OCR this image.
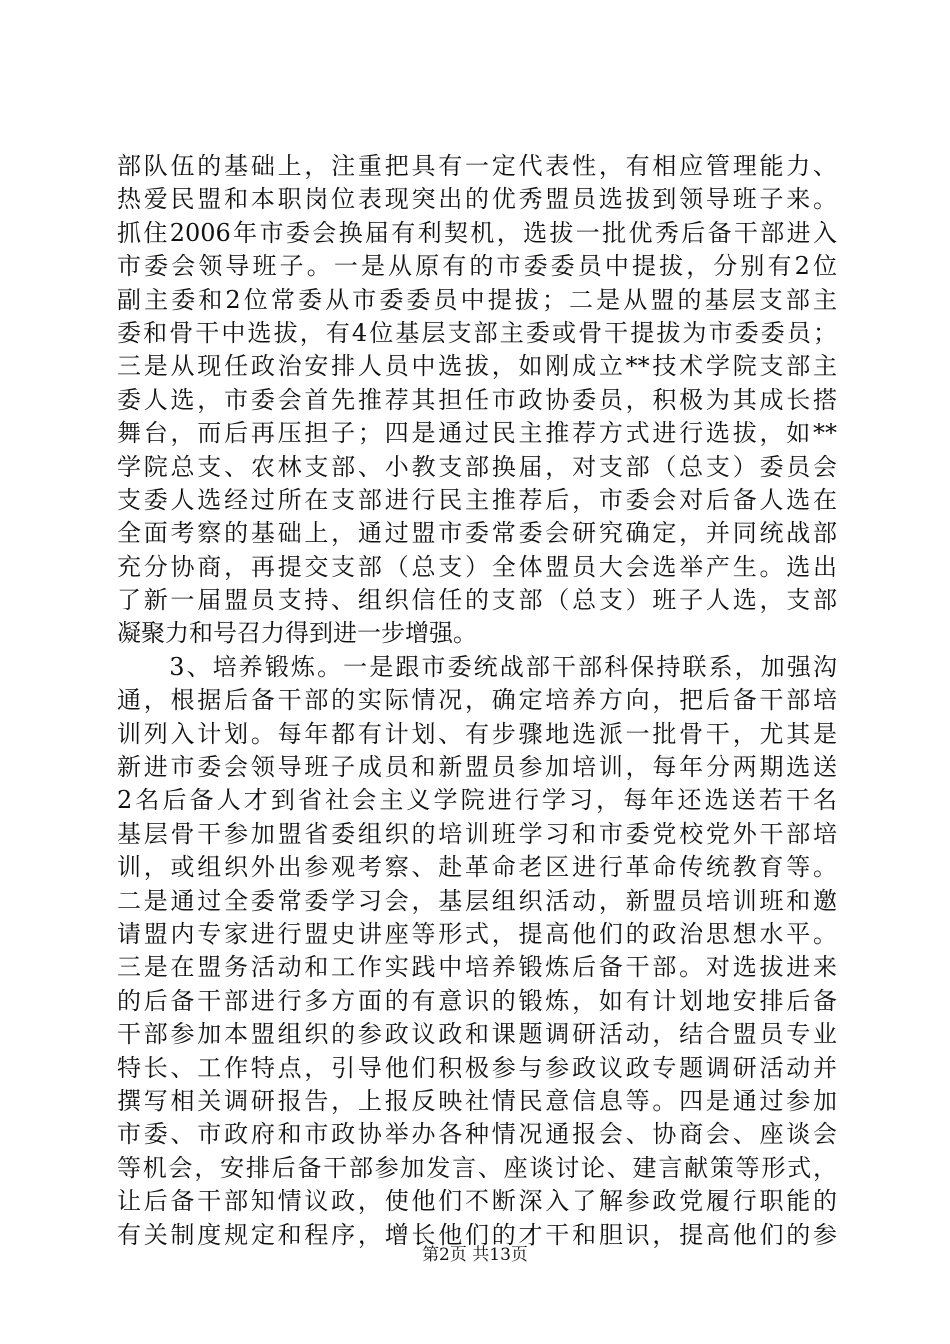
部队伍的基础上，注重把具有一定代表性，有相应管理能力、
热爱民盟和本职岗位表现突出的优秀盟员选拔到领导班子来。
抓住2006年市委会换届有利契机，选拔一批优秀后备干部进入
市委会领导班子。一是从原有的市委委员中提拔，分别有2位
副主委和2位常委从市委委员中提拔；二是从盟的基层支部主
委和骨干中选拔，有4位基层支部主委或骨干提拔为市委委员；
三是从现任政治安排人员中选拔，如刚成立**技术学院支部主
委人选，市委会首先推荐其担任市政协委员，积极为其成长搭
舞台，而后再压担子；四是通过民主推荐方式进行选拔，如**
学院总支、农林支部、小教支部换届，对支部（总支）委员会
支委人选经过所在支部进行民主推荐后，市委会对后备人选在
全面考察的基础上，通过盟市委常委会研究确定，并同统战部
充分协商，再提交支部（总支）全体盟员大会选举产生。选出
了新一届盟员支持、组织信任的支部（总支）班子人选，支部
凝聚力和号召力得到进一步增强。
　　3、培养锻炼。一是跟市委统战部干部科保持联系，加强沟
通，根据后备干部的实际情况，确定培养方向，把后备干部培
训列入计划。每年都有计划、有步骤地选派一批骨干，尤其是
新进市委会领导班子成员和新盟员参加培训，每年分两期选送
2名后备人才到省社会主义学院进行学习，每年还选送若干名
基层骨干参加盟省委组织的培训班学习和市委党校党外干部培
训，或组织外出参观考察、赴革命老区进行革命传统教育等。
二是通过全委常委学习会，基层组织活动，新盟员培训班和邀
请盟内专家进行盟史讲座等形式，提高他们的政治思想水平。
三是在盟务活动和工作实践中培养锻炼后备干部。对选拔进来
的后备干部进行多方面的有意识的锻炼，如有计划地安排后备
干部参加本盟组织的参政议政和课题调研活动，结合盟员专业
特长、工作特点，引导他们积极参与参政议政专题调研活动并
撰写相关调研报告，上报反映社情民意信息等。四是通过参加
市委、市政府和市政协举办各种情况通报会、协商会、座谈会
等机会，安排后备干部参加发言、座谈讨论、建言献策等形式，
让后备干部知情议政，使他们不断深入了解参政党履行职能的
有关制度规定和程序，增长他们的才干和胆识，提高他们的参
第2页 共13页
